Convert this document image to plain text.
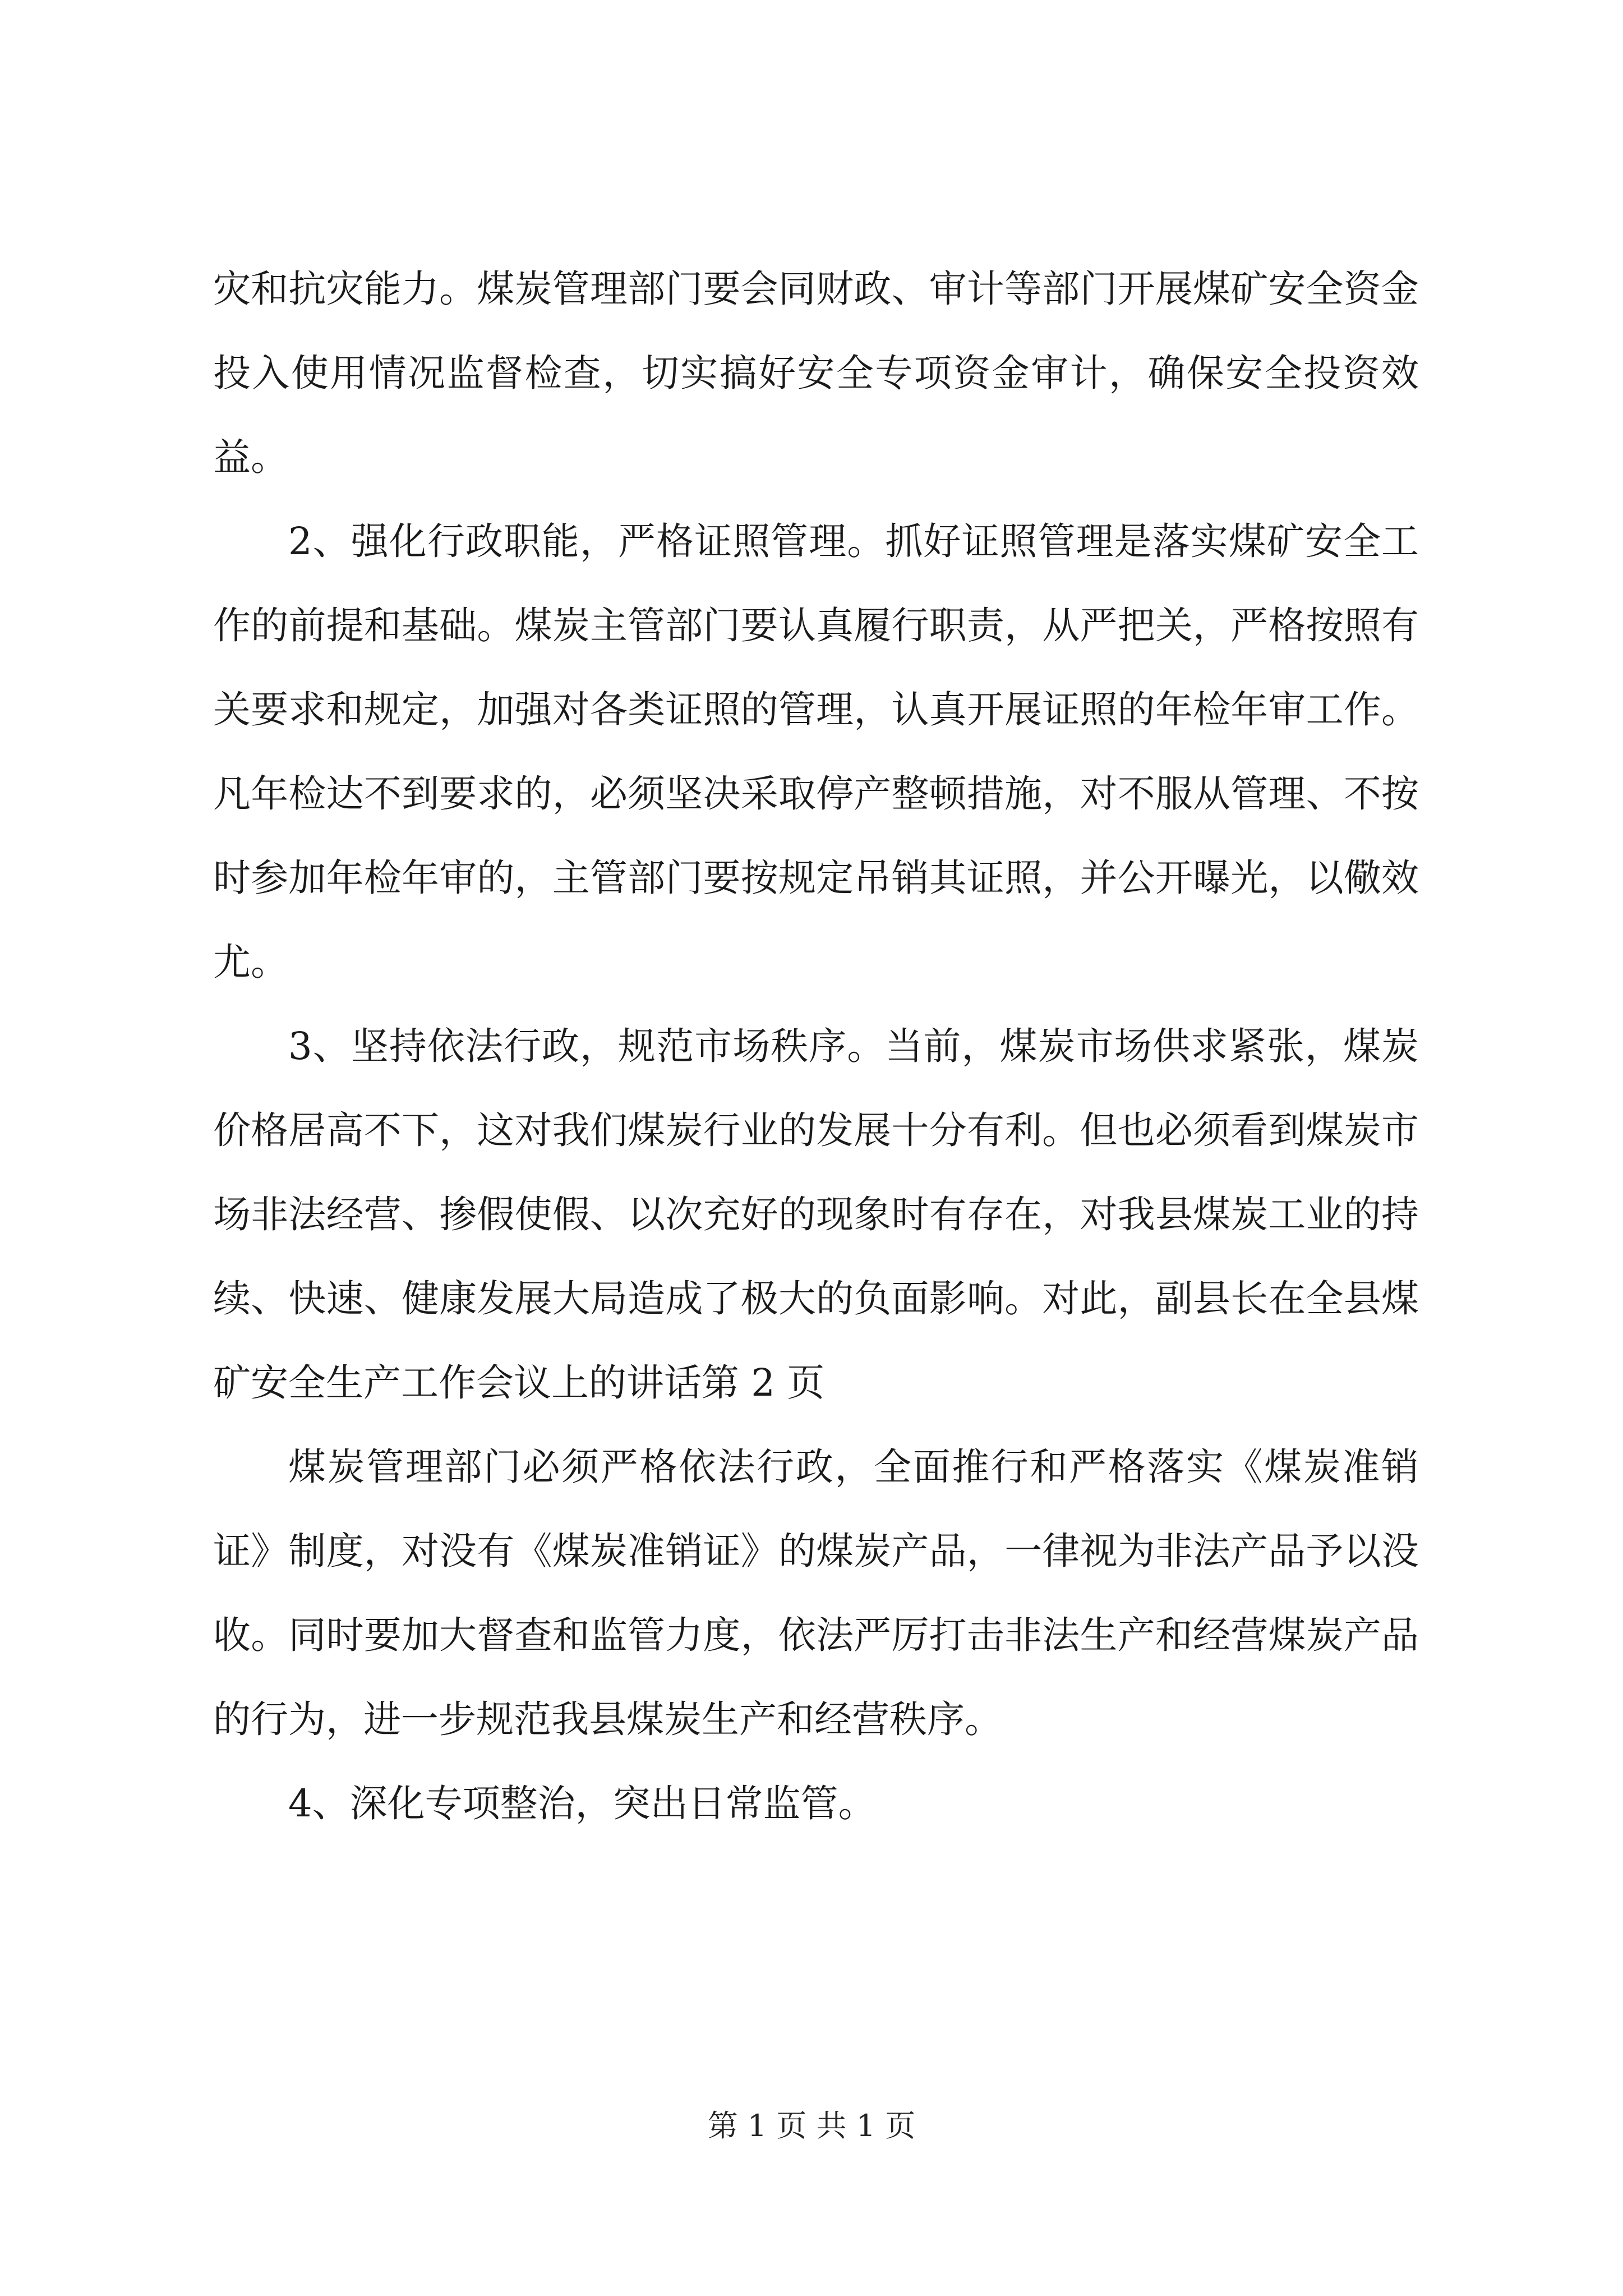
灾和抗灾能力。煤炭管理部门要会同财政、审计等部门开展煤矿安全资金投入使用情况监督检查，切实搞好安全专项资金审计，确保安全投资效益。

2、强化行政职能，严格证照管理。抓好证照管理是落实煤矿安全工作的前提和基础。煤炭主管部门要认真履行职责，从严把关，严格按照有关要求和规定，加强对各类证照的管理，认真开展证照的年检年审工作。凡年检达不到要求的，必须坚决采取停产整顿措施，对不服从管理、不按时参加年检年审的，主管部门要按规定吊销其证照，并公开曝光，以儆效尤。

3、坚持依法行政，规范市场秩序。当前，煤炭市场供求紧张，煤炭价格居高不下，这对我们煤炭行业的发展十分有利。但也必须看到煤炭市场非法经营、掺假使假、以次充好的现象时有存在，对我县煤炭工业的持续、快速、健康发展大局造成了极大的负面影响。对此，副县长在全县煤矿安全生产工作会议上的讲话第 2 页

煤炭管理部门必须严格依法行政，全面推行和严格落实《煤炭准销证》制度，对没有《煤炭准销证》的煤炭产品，一律视为非法产品予以没收。同时要加大督查和监管力度，依法严厉打击非法生产和经营煤炭产品的行为，进一步规范我县煤炭生产和经营秩序。

4、深化专项整治，突出日常监管。

第 1 页 共 1 页
